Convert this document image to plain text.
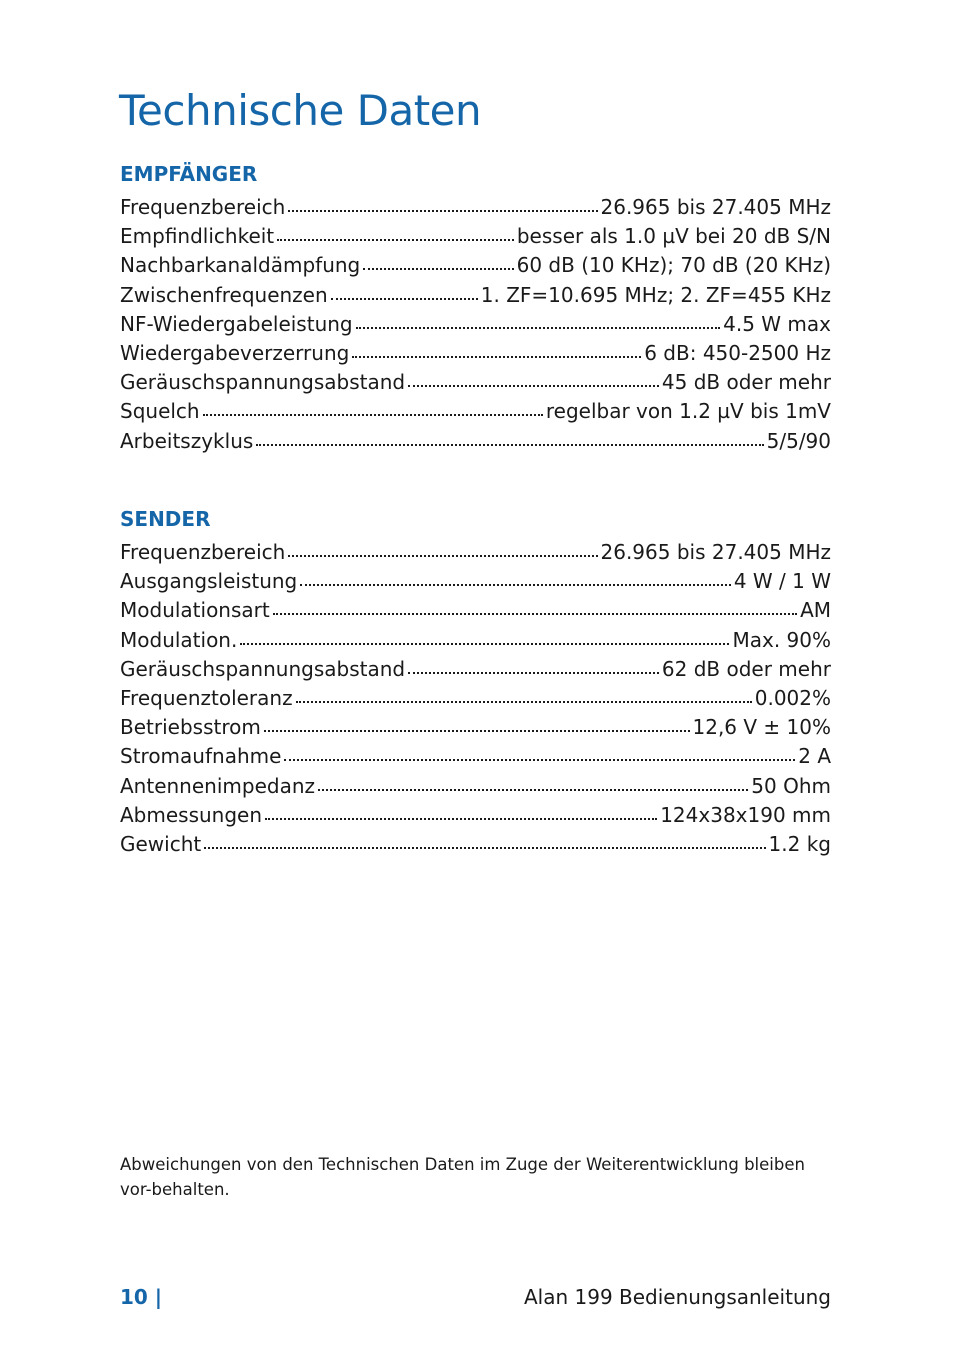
Technische Daten
EMPFÄNGER
Frequenzbereich	26.965 bis 27.405 MHz
Empfindlichkeit	besser als 1.0 µV bei 20 dB S/N
Nachbarkanaldämpfung	60 dB (10 KHz); 70 dB (20 KHz)
Zwischenfrequenzen	1. ZF=10.695 MHz; 2. ZF=455 KHz
NF-Wiedergabeleistung	4.5 W max
Wiedergabeverzerrung	6 dB: 450-2500 Hz
Geräuschspannungsabstand	45 dB oder mehr
Squelch	regelbar von 1.2 µV bis 1mV
Arbeitszyklus	5/5/90
SENDER
Frequenzbereich	26.965 bis 27.405 MHz
Ausgangsleistung	4 W / 1 W
Modulationsart	AM
Modulation.	Max. 90%
Geräuschspannungsabstand	62 dB oder mehr
Frequenztoleranz	0.002%
Betriebsstrom	12,6 V ± 10%
Stromaufnahme	2 A
Antennenimpedanz	50 Ohm
Abmessungen	124x38x190 mm
Gewicht	1.2 kg

Abweichungen von den Technischen Daten im Zuge der Weiterentwicklung bleiben vor-behalten.

10 |	Alan 199 Bedienungsanleitung
